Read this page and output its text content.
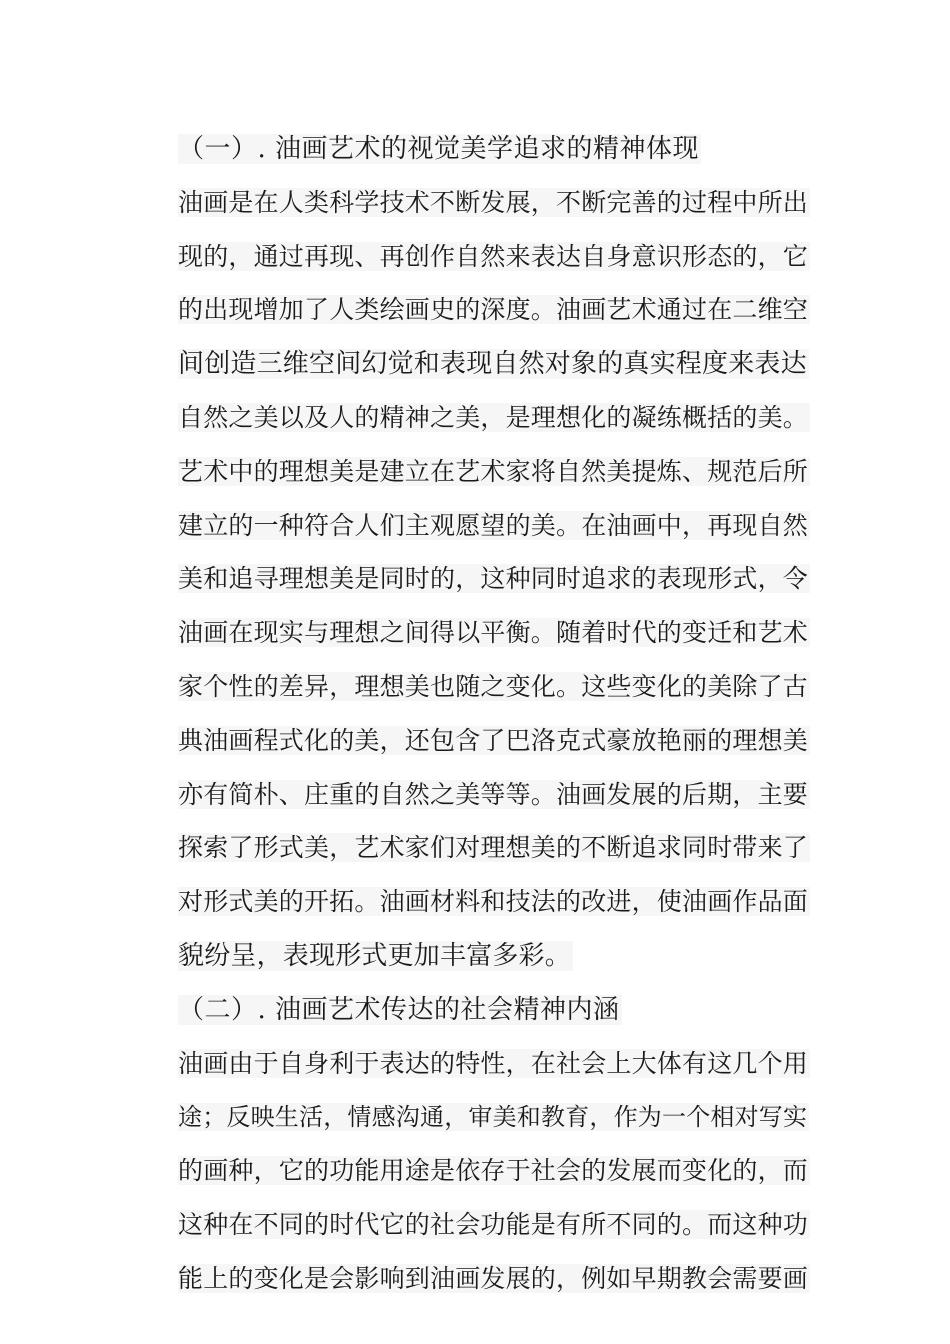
（一）. 油画艺术的视觉美学追求的精神体现
油画是在人类科学技术不断发展，不断完善的过程中所出
现的，通过再现、再创作自然来表达自身意识形态的，它
的出现增加了人类绘画史的深度。油画艺术通过在二维空
间创造三维空间幻觉和表现自然对象的真实程度来表达
自然之美以及人的精神之美，是理想化的凝练概括的美。
艺术中的理想美是建立在艺术家将自然美提炼、规范后所
建立的一种符合人们主观愿望的美。在油画中，再现自然
美和追寻理想美是同时的，这种同时追求的表现形式，令
油画在现实与理想之间得以平衡。随着时代的变迁和艺术
家个性的差异，理想美也随之变化。这些变化的美除了古
典油画程式化的美，还包含了巴洛克式豪放艳丽的理想美
亦有简朴、庄重的自然之美等等。油画发展的后期，主要
探索了形式美，艺术家们对理想美的不断追求同时带来了
对形式美的开拓。油画材料和技法的改进，使油画作品面
貌纷呈，表现形式更加丰富多彩。
（二）. 油画艺术传达的社会精神内涵
油画由于自身利于表达的特性，在社会上大体有这几个用
途；反映生活，情感沟通，审美和教育，作为一个相对写实
的画种，它的功能用途是依存于社会的发展而变化的，而
这种在不同的时代它的社会功能是有所不同的。而这种功
能上的变化是会影响到油画发展的，例如早期教会需要画
